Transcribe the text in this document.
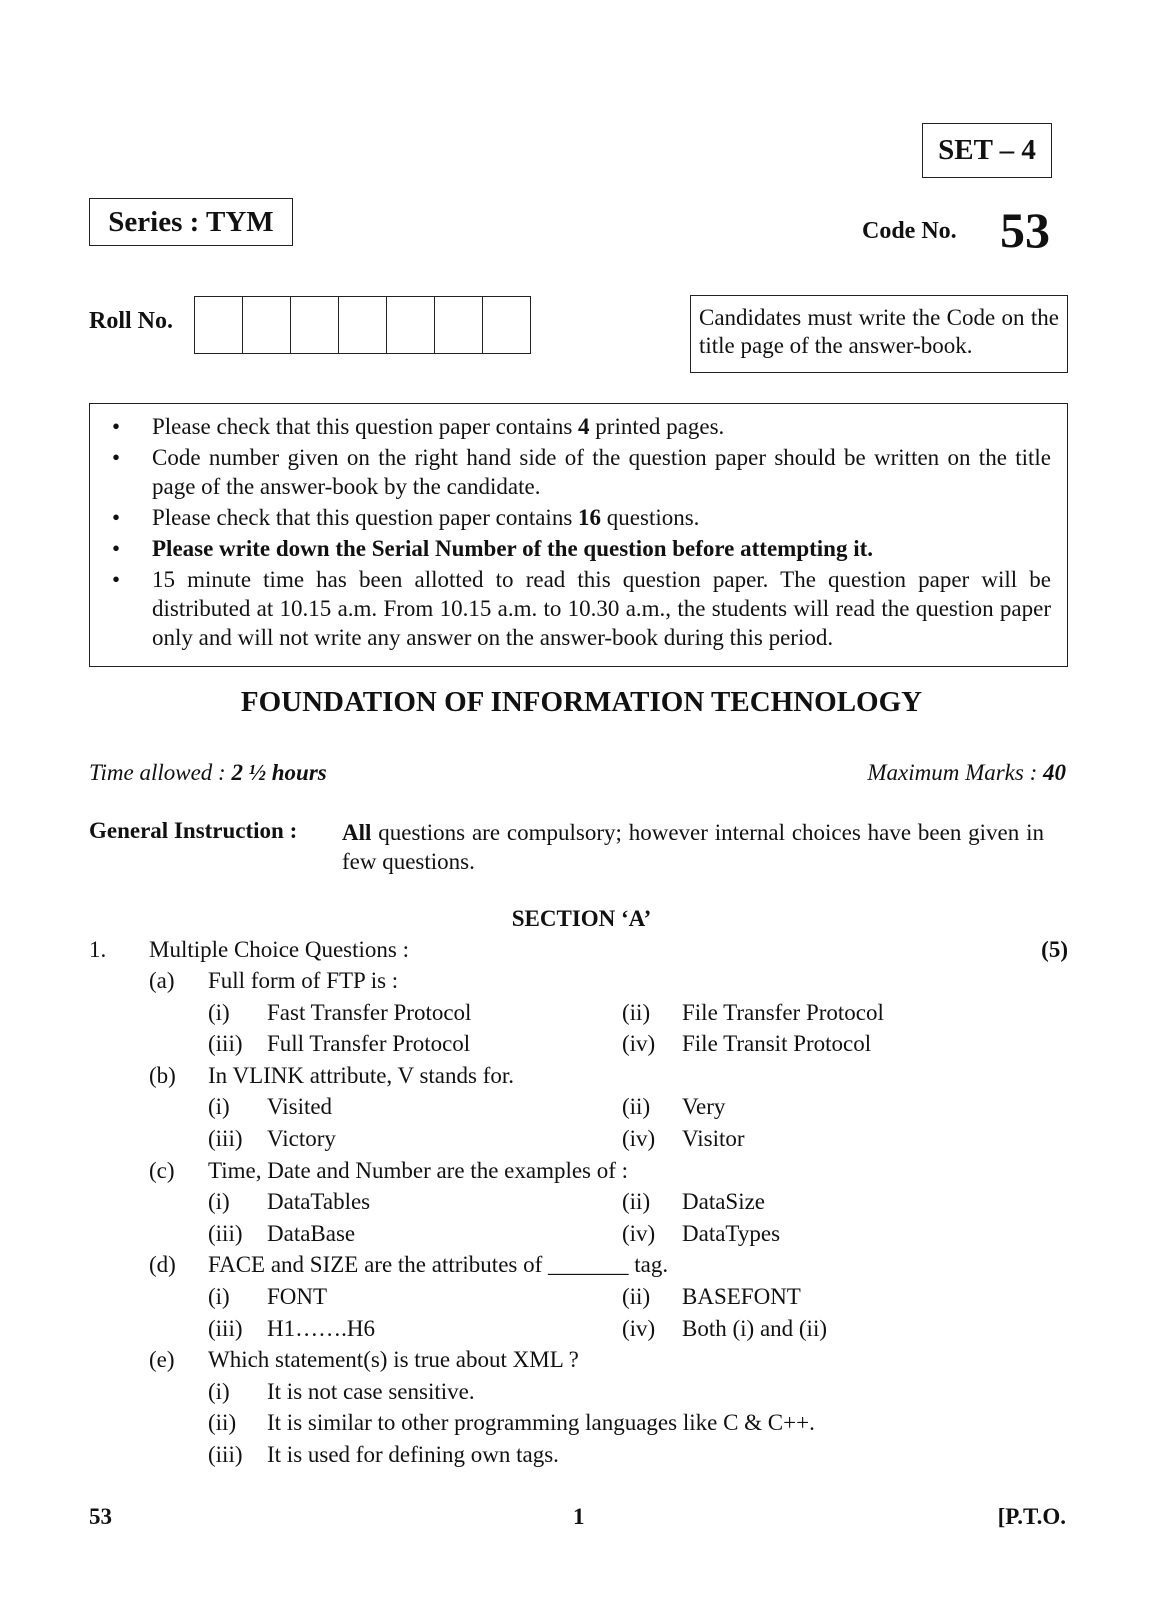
SET – 4
Series : TYM	Code No. 53
Roll No.	Candidates must write the Code on the title page of the answer-book.
• Please check that this question paper contains 4 printed pages.
• Code number given on the right hand side of the question paper should be written on the title page of the answer-book by the candidate.
• Please check that this question paper contains 16 questions.
• Please write down the Serial Number of the question before attempting it.
• 15 minute time has been allotted to read this question paper. The question paper will be distributed at 10.15 a.m. From 10.15 a.m. to 10.30 a.m., the students will read the question paper only and will not write any answer on the answer-book during this period.
FOUNDATION OF INFORMATION TECHNOLOGY
Time allowed : 2 ½ hours	Maximum Marks : 40
General Instruction : All questions are compulsory; however internal choices have been given in few questions.
SECTION ‘A’
1. Multiple Choice Questions :	(5)
(a) Full form of FTP is :
(i) Fast Transfer Protocol	(ii) File Transfer Protocol
(iii) Full Transfer Protocol	(iv) File Transit Protocol
(b) In VLINK attribute, V stands for.
(i) Visited	(ii) Very
(iii) Victory	(iv) Visitor
(c) Time, Date and Number are the examples of :
(i) DataTables	(ii) DataSize
(iii) DataBase	(iv) DataTypes
(d) FACE and SIZE are the attributes of _______ tag.
(i) FONT	(ii) BASEFONT
(iii) H1…….H6	(iv) Both (i) and (ii)
(e) Which statement(s) is true about XML ?
(i) It is not case sensitive.
(ii) It is similar to other programming languages like C & C++.
(iii) It is used for defining own tags.
53	1	[P.T.O.
